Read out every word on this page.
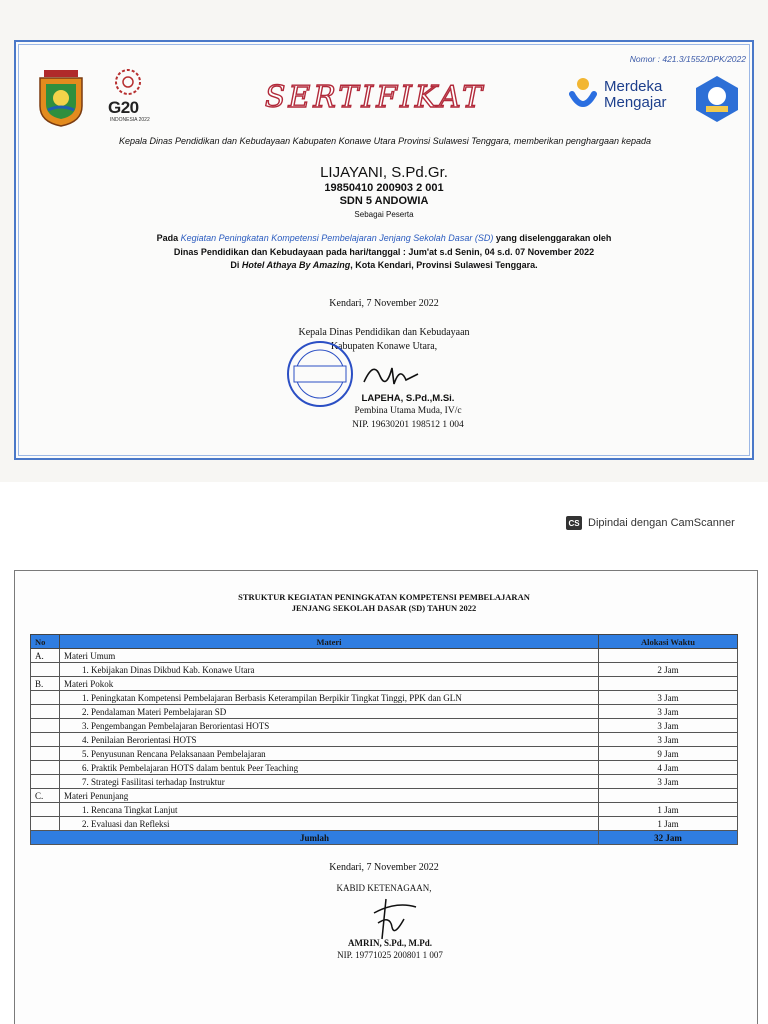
Nomor : 421.3/1552/DPK/2022
G20
INDONESIA 2022
SERTIFIKAT	Merdeka
Mengajar
Kepala Dinas Pendidikan dan Kebudayaan Kabupaten Konawe Utara Provinsi Sulawesi Tenggara, memberikan penghargaan kepada
LIJAYANI, S.Pd.Gr.
19850410 200903 2 001
SDN 5 ANDOWIA
Sebagai Peserta
Pada Kegiatan Peningkatan Kompetensi Pembelajaran Jenjang Sekolah Dasar (SD) yang diselenggarakan oleh
Dinas Pendidikan dan Kebudayaan pada hari/tanggal : Jum'at s.d Senin, 04 s.d. 07 November 2022
Di Hotel Athaya By Amazing, Kota Kendari, Provinsi Sulawesi Tenggara.
Kendari, 7 November 2022
Kepala Dinas Pendidikan dan Kebudayaan
Kabupaten Konawe Utara,
LAPEHA, S.Pd.,M.Si.
Pembina Utama Muda, IV/c
NIP. 19630201 198512 1 004
CS Dipindai dengan CamScanner
STRUKTUR KEGIATAN PENINGKATAN KOMPETENSI PEMBELAJARAN
JENJANG SEKOLAH DASAR (SD) TAHUN 2022
No	Materi	Alokasi Waktu
A.	Materi Umum	
	1. Kebijakan Dinas Dikbud Kab. Konawe Utara	2 Jam
B.	Materi Pokok	
	1. Peningkatan Kompetensi Pembelajaran Berbasis Keterampilan Berpikir Tingkat Tinggi, PPK dan GLN	3 Jam
	2. Pendalaman Materi Pembelajaran SD	3 Jam
	3. Pengembangan Pembelajaran Berorientasi HOTS	3 Jam
	4. Penilaian Berorientasi HOTS	3 Jam
	5. Penyusunan Rencana Pelaksanaan Pembelajaran	9 Jam
	6. Praktik Pembelajaran HOTS dalam bentuk Peer Teaching	4 Jam
	7. Strategi Fasilitasi terhadap Instruktur	3 Jam
C.	Materi Penunjang	
	1. Rencana Tingkat Lanjut	1 Jam
	2. Evaluasi dan Refleksi	1 Jam
Jumlah		32 Jam
Kendari, 7 November 2022
KABID KETENAGAAN,
AMRIN, S.Pd., M.Pd.
NIP. 19771025 200801 1 007
